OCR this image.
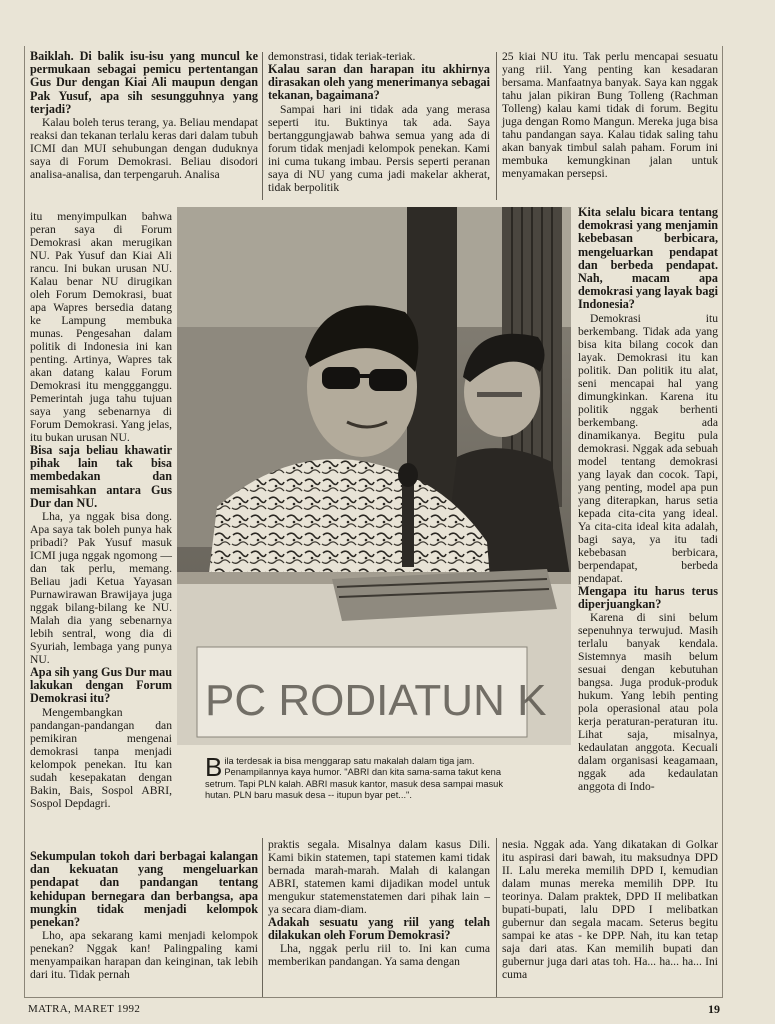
Baiklah. Di balik isu-isu yang muncul ke permukaan sebagai pemicu pertentangan Gus Dur dengan Kiai Ali maupun dengan Pak Yusuf, apa sih sesungguhnya yang terjadi?

Kalau boleh terus terang, ya. Beliau mendapat reaksi dan tekanan terlalu keras dari dalam tubuh ICMI dan MUI sehubungan dengan duduknya saya di Forum Demokrasi. Beliau disodori analisa-analisa, dan terpengaruh. Analisa

itu menyimpulkan bahwa peran saya di Forum Demokrasi akan merugikan NU. Pak Yusuf dan Kiai Ali rancu. Ini bukan urusan NU. Kalau benar NU dirugikan oleh Forum Demokrasi, buat apa Wapres bersedia datang ke Lampung membuka munas. Pengesahan dalam politik di Indonesia ini kan penting. Artinya, Wapres tak akan datang kalau Forum Demokrasi itu menggganggu. Pemerintah juga tahu tujuan saya yang sebenarnya di Forum Demokrasi. Yang jelas, itu bukan urusan NU.

Bisa saja beliau khawatir pihak lain tak bisa membedakan dan memisahkan antara Gus Dur dan NU.

Lha, ya nggak bisa dong. Apa saya tak boleh punya hak pribadi? Pak Yusuf masuk ICMI juga nggak ngomong — dan tak perlu, memang. Beliau jadi Ketua Yayasan Purnawirawan Brawijaya juga nggak bilang-bilang ke NU. Malah dia yang sebenarnya lebih sentral, wong dia di Syuriah, lembaga yang punya NU.

Apa sih yang Gus Dur mau lakukan dengan Forum Demokrasi itu?

Mengembangkan pandangan-pandangan dan pemikiran mengenai demokrasi tanpa menjadi kelompok penekan. Itu kan sudah kesepakatan dengan Bakin, Bais, Sospol ABRI, Sospol Depdagri.

Sekumpulan tokoh dari berbagai kalangan dan kekuatan yang mengeluarkan pendapat dan pandangan tentang kehidupan bernegara dan berbangsa, apa mungkin tidak menjadi kelompok penekan?

Lho, apa sekarang kami menjadi kelompok penekan? Nggak kan! Palingpaling kami menyampaikan harapan dan keinginan, tak lebih dari itu. Tidak pernah

demonstrasi, tidak teriak-teriak.

Kalau saran dan harapan itu akhirnya dirasakan oleh yang menerimanya sebagai tekanan, bagaimana?

Sampai hari ini tidak ada yang merasa seperti itu. Buktinya tak ada. Saya bertanggungjawab bahwa semua yang ada di forum tidak menjadi kelompok penekan. Kami ini cuma tukang imbau. Persis seperti peranan saya di NU yang cuma jadi makelar akherat, tidak berpolitik

praktis segala. Misalnya dalam kasus Dili. Kami bikin statemen, tapi statemen kami tidak bernada marah-marah. Malah di kalangan ABRI, statemen kami dijadikan model untuk mengukur statemenstatemen dari pihak lain – ya secara diam-diam.

Adakah sesuatu yang riil yang telah dilakukan oleh Forum Demokrasi?

Lha, nggak perlu riil to. Ini kan cuma memberikan pandangan. Ya sama dengan

25 kiai NU itu. Tak perlu mencapai sesuatu yang riil. Yang penting kan kesadaran bersama. Manfaatnya banyak. Saya kan nggak tahu jalan pikiran Bung Tolleng (Rachman Tolleng) kalau kami tidak di forum. Begitu juga dengan Romo Mangun. Mereka juga bisa tahu pandangan saya. Kalau tidak saling tahu akan banyak timbul salah paham. Forum ini membuka kemungkinan jalan untuk menyamakan persepsi.

Kita selalu bicara tentang demokrasi yang menjamin kebebasan berbicara, mengeluarkan pendapat dan berbeda pendapat. Nah, macam apa demokrasi yang layak bagi Indonesia?

Demokrasi itu berkembang. Tidak ada yang bisa kita bilang cocok dan layak. Demokrasi itu kan politik. Dan politik itu alat, seni mencapai hal yang dimungkinkan. Karena itu politik nggak berhenti berkembang. ada dinamikanya. Begitu pula demokrasi. Nggak ada sebuah model tentang demokrasi yang layak dan cocok. Tapi, yang penting, model apa pun yang diterapkan, harus setia kepada cita-cita yang ideal. Ya cita-cita ideal kita adalah, bagi saya, ya itu tadi kebebasan berbicara, berpendapat, berbeda pendapat.

Mengapa itu harus terus diperjuangkan?

Karena di sini belum sepenuhnya terwujud. Masih terlalu banyak kendala. Sistemnya masih belum sesuai dengan kebutuhan bangsa. Juga produk-produk hukum. Yang lebih penting pola operasional atau pola kerja peraturan-peraturan itu. Lihat saja, misalnya, kedaulatan anggota. Kecuali dalam organisasi keagamaan, nggak ada kedaulatan anggota di Indo-

nesia. Nggak ada. Yang dikatakan di Golkar itu aspirasi dari bawah, itu maksudnya DPD II. Lalu mereka memilih DPD I, kemudian dalam munas mereka memilih DPP. Itu teorinya. Dalam praktek, DPD II melibatkan bupati-bupati, lalu DPD I melibatkan gubernur dan segala macam. Seterus begitu sampai ke atas - ke DPP. Nah, itu kan tetap saja dari atas. Kan memilih bupati dan gubernur juga dari atas toh. Ha... ha... ha... Ini cuma

PC RODIATUN K
Bila terdesak ia bisa menggarap satu makalah dalam tiga jam. Penampilannya kaya humor. "ABRI dan kita sama-sama takut kena setrum. Tapi PLN kalah. ABRI masuk kantor, masuk desa sampai masuk hutan. PLN baru masuk desa -- itupun byar pet...".
MATRA, MARET 1992	19
